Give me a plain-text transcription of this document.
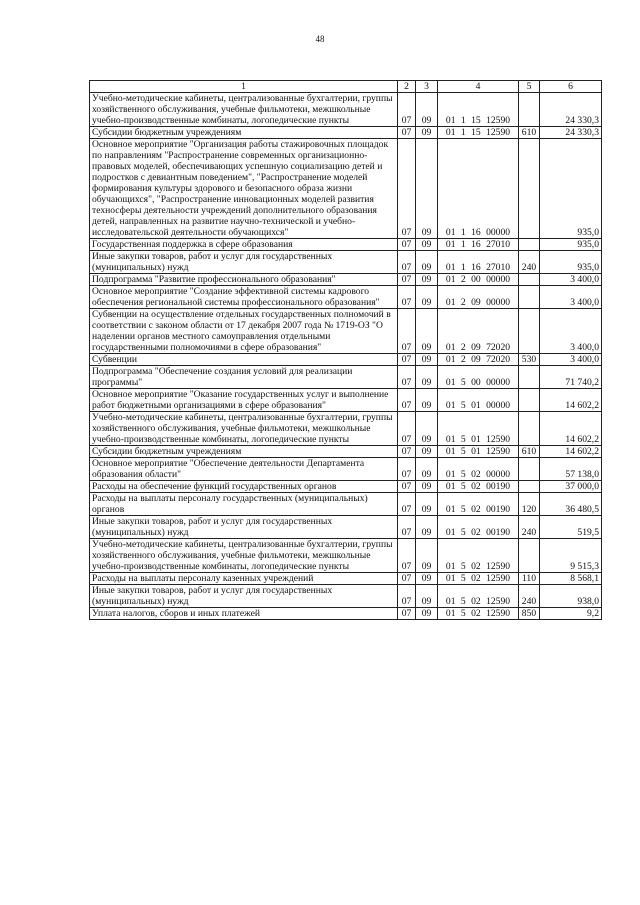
48
1	2	3	4	5	6
Учебно-методические кабинеты, централизованные бухгалтерии, группы хозяйственного обслуживания, учебные фильмотеки, межшкольные учебно-производственные комбинаты, логопедические пункты	07	09	01 1 15 12590		24 330,3
Субсидии бюджетным учреждениям	07	09	01 1 15 12590	610	24 330,3
Основное мероприятие "Организация работы стажировочных площадок по направлениям "Распространение современных организационно-правовых моделей, обеспечивающих успешную социализацию детей и подростков с девиантным поведением", "Распространение моделей формирования культуры здорового и безопасного образа жизни обучающихся", "Распространение инновационных моделей развития техносферы деятельности учреждений дополнительного образования детей, направленных на развитие научно-технической и учебно-исследовательской деятельности обучающихся"	07	09	01 1 16 00000		935,0
Государственная поддержка в сфере образования	07	09	01 1 16 27010		935,0
Иные закупки товаров, работ и услуг для государственных (муниципальных) нужд	07	09	01 1 16 27010	240	935,0
Подпрограмма "Развитие профессионального образования"	07	09	01 2 00 00000		3 400,0
Основное мероприятие "Создание эффективной системы кадрового обеспечения региональной системы профессионального образования"	07	09	01 2 09 00000		3 400,0
Субвенции на осуществление отдельных государственных полномочий в соответствии с законом области от 17 декабря 2007 года № 1719-ОЗ "О наделении органов местного самоуправления отдельными государственными полномочиями в сфере образования"	07	09	01 2 09 72020		3 400,0
Субвенции	07	09	01 2 09 72020	530	3 400,0
Подпрограмма "Обеспечение создания условий для реализации программы"	07	09	01 5 00 00000		71 740,2
Основное мероприятие "Оказание государственных услуг и выполнение работ бюджетными организациями в сфере образования"	07	09	01 5 01 00000		14 602,2
Учебно-методические кабинеты, централизованные бухгалтерии, группы хозяйственного обслуживания, учебные фильмотеки, межшкольные учебно-производственные комбинаты, логопедические пункты	07	09	01 5 01 12590		14 602,2
Субсидии бюджетным учреждениям	07	09	01 5 01 12590	610	14 602,2
Основное мероприятие "Обеспечение деятельности Департамента образования области"	07	09	01 5 02 00000		57 138,0
Расходы на обеспечение функций государственных органов	07	09	01 5 02 00190		37 000,0
Расходы на выплаты персоналу государственных (муниципальных) органов	07	09	01 5 02 00190	120	36 480,5
Иные закупки товаров, работ и услуг для государственных (муниципальных) нужд	07	09	01 5 02 00190	240	519,5
Учебно-методические кабинеты, централизованные бухгалтерии, группы хозяйственного обслуживания, учебные фильмотеки, межшкольные учебно-производственные комбинаты, логопедические пункты	07	09	01 5 02 12590		9 515,3
Расходы на выплаты персоналу казенных учреждений	07	09	01 5 02 12590	110	8 568,1
Иные закупки товаров, работ и услуг для государственных (муниципальных) нужд	07	09	01 5 02 12590	240	938,0
Уплата налогов, сборов и иных платежей	07	09	01 5 02 12590	850	9,2
